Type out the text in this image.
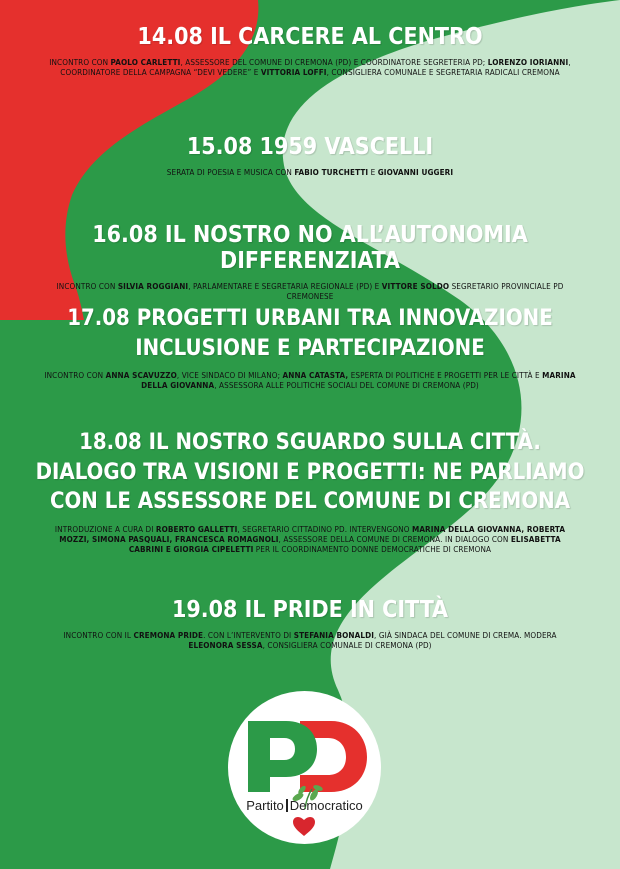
14.08 IL CARCERE AL CENTRO

INCONTRO CON PAOLO CARLETTI, ASSESSORE DEL COMUNE DI CREMONA (PD) E COORDINATORE SEGRETERIA PD; LORENZO IORIANNI, COORDINATORE DELLA CAMPAGNA “DEVI VEDERE” E VITTORIA LOFFI, CONSIGLIERA COMUNALE E SEGRETARIA RADICALI CREMONA

15.08 1959 VASCELLI

SERATA DI POESIA E MUSICA CON FABIO TURCHETTI E GIOVANNI UGGERI

16.08 IL NOSTRO NO ALL’AUTONOMIA DIFFERENZIATA

INCONTRO CON SILVIA ROGGIANI, PARLAMENTARE E SEGRETARIA REGIONALE (PD) E VITTORE SOLDO SEGRETARIO PROVINCIALE PD CREMONESE

17.08 PROGETTI URBANI TRA INNOVAZIONE INCLUSIONE E PARTECIPAZIONE

INCONTRO CON ANNA SCAVUZZO, VICE SINDACO DI MILANO; ANNA CATASTA, ESPERTA DI POLITICHE E PROGETTI PER LE CITTÀ E MARINA DELLA GIOVANNA, ASSESSORA ALLE POLITICHE SOCIALI DEL COMUNE DI CREMONA (PD)

18.08 IL NOSTRO SGUARDO SULLA CITTÀ. DIALOGO TRA VISIONI E PROGETTI: NE PARLIAMO CON LE ASSESSORE DEL COMUNE DI CREMONA

INTRODUZIONE A CURA DI ROBERTO GALLETTI, SEGRETARIO CITTADINO PD. INTERVENGONO MARINA DELLA GIOVANNA, ROBERTA MOZZI, SIMONA PASQUALI, FRANCESCA ROMAGNOLI, ASSESSORE DELLA COMUNE DI CREMONA. IN DIALOGO CON ELISABETTA CABRINI E GIORGIA CIPELETTI PER IL COORDINAMENTO DONNE DEMOCRATICHE DI CREMONA

19.08 IL PRIDE IN CITTÀ

INCONTRO CON IL CREMONA PRIDE. CON L’INTERVENTO DI STEFANIA BONALDI, GIÀ SINDACA DEL COMUNE DI CREMA. MODERA ELEONORA SESSA, CONSIGLIERA COMUNALE DI CREMONA (PD)

Partito Democratico
